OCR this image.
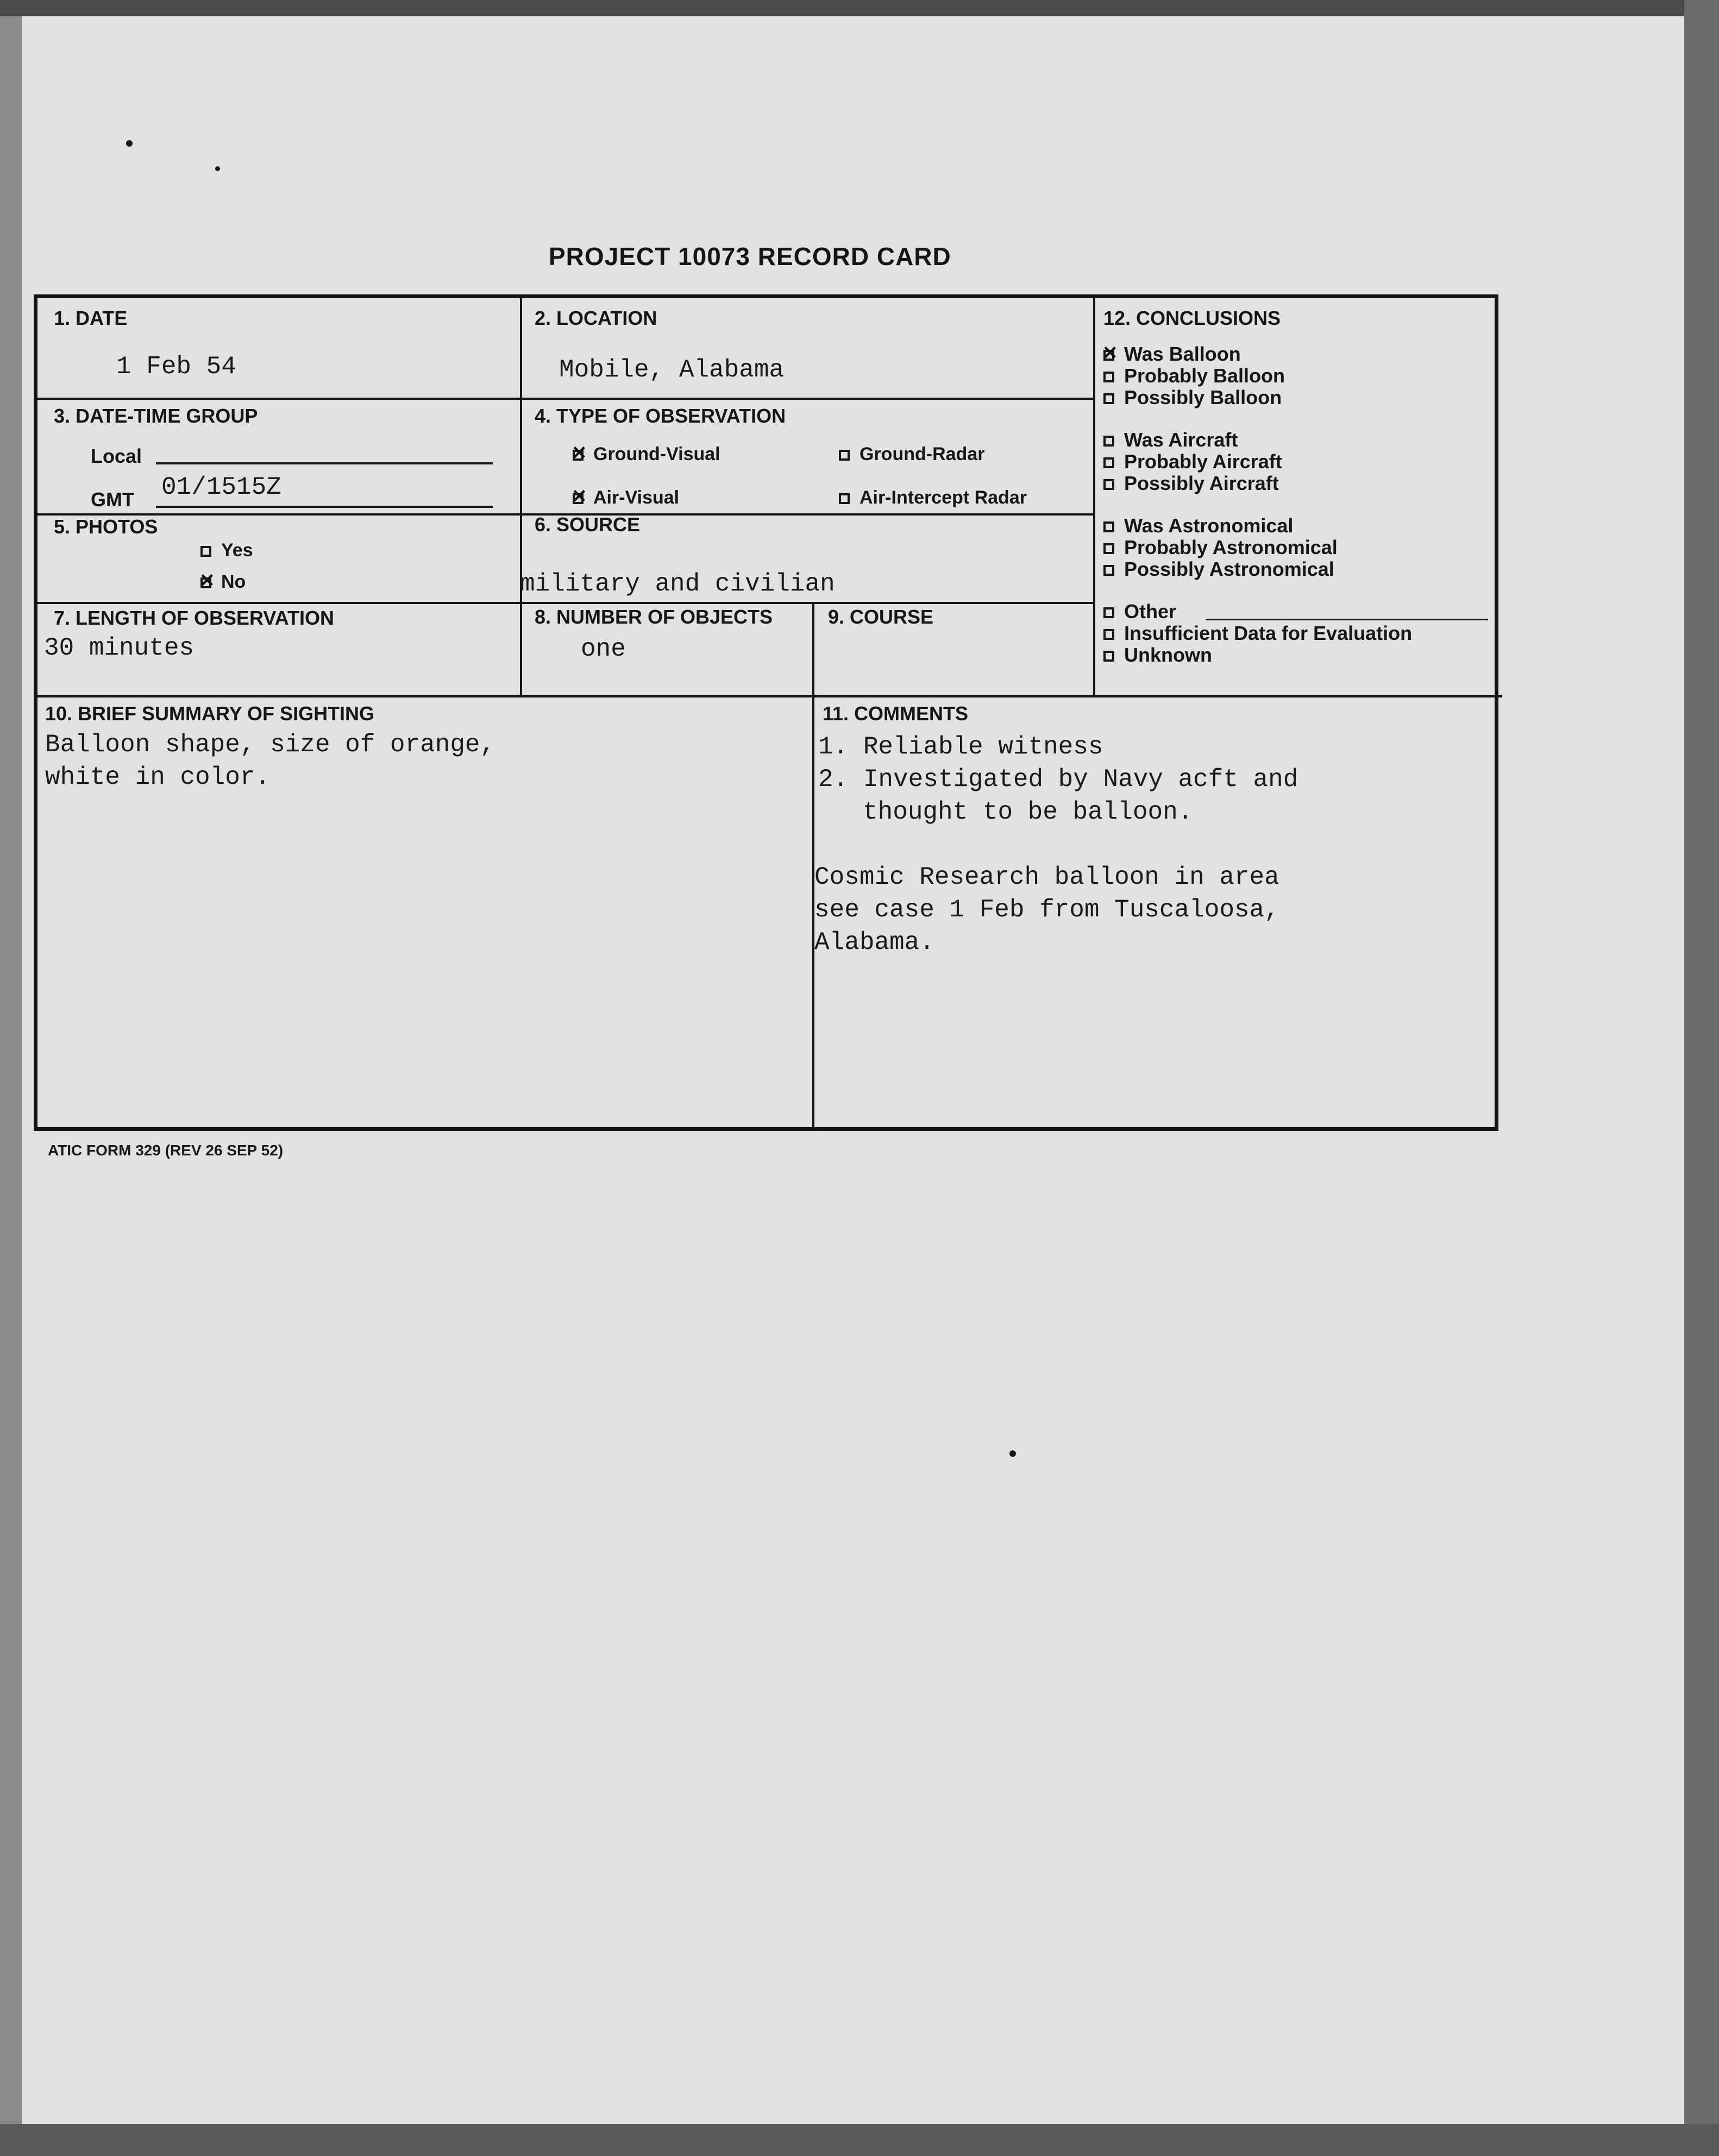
PROJECT 10073 RECORD CARD
1. DATE
1 Feb 54
2. LOCATION
Mobile, Alabama
3. DATE-TIME GROUP
Local
GMT 01/1515Z
4. TYPE OF OBSERVATION
✕Ground-Visual	Ground-Radar
✕Air-Visual	Air-Intercept Radar
5. PHOTOS
Yes
✕No
6. SOURCE
military and civilian
7. LENGTH OF OBSERVATION
30 minutes
8. NUMBER OF OBJECTS
one
9. COURSE
12. CONCLUSIONS
✕Was Balloon
Probably Balloon
Possibly Balloon
Was Aircraft
Probably Aircraft
Possibly Aircraft
Was Astronomical
Probably Astronomical
Possibly Astronomical
Other
Insufficient Data for Evaluation
Unknown
10. BRIEF SUMMARY OF SIGHTING
Balloon shape, size of orange,
white in color.
11. COMMENTS
1. Reliable witness
2. Investigated by Navy acft and
thought to be balloon.
Cosmic Research balloon in area
see case 1 Feb from Tuscaloosa,
Alabama.
ATIC FORM 329 (REV 26 SEP 52)
